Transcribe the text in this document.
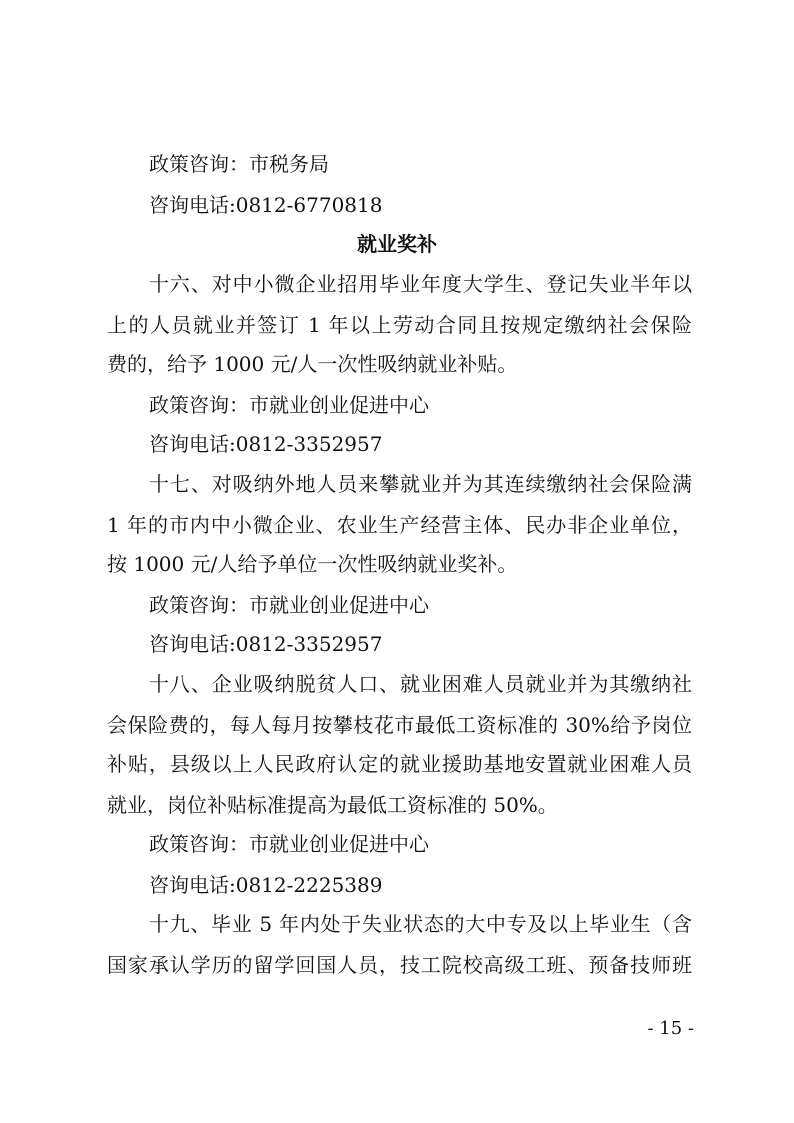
政策咨询：市税务局
咨询电话:0812-6770818
就业奖补
十六、对中小微企业招用毕业年度大学生、登记失业半年以
上的人员就业并签订 1 年以上劳动合同且按规定缴纳社会保险
费的，给予 1000 元/人一次性吸纳就业补贴。
政策咨询：市就业创业促进中心
咨询电话:0812-3352957
十七、对吸纳外地人员来攀就业并为其连续缴纳社会保险满
1 年的市内中小微企业、农业生产经营主体、民办非企业单位，
按 1000 元/人给予单位一次性吸纳就业奖补。
政策咨询：市就业创业促进中心
咨询电话:0812-3352957
十八、企业吸纳脱贫人口、就业困难人员就业并为其缴纳社
会保险费的，每人每月按攀枝花市最低工资标准的 30%给予岗位
补贴，县级以上人民政府认定的就业援助基地安置就业困难人员
就业，岗位补贴标准提高为最低工资标准的 50%。
政策咨询：市就业创业促进中心
咨询电话:0812-2225389
十九、毕业 5 年内处于失业状态的大中专及以上毕业生（含
国家承认学历的留学回国人员，技工院校高级工班、预备技师班
- 15 -
